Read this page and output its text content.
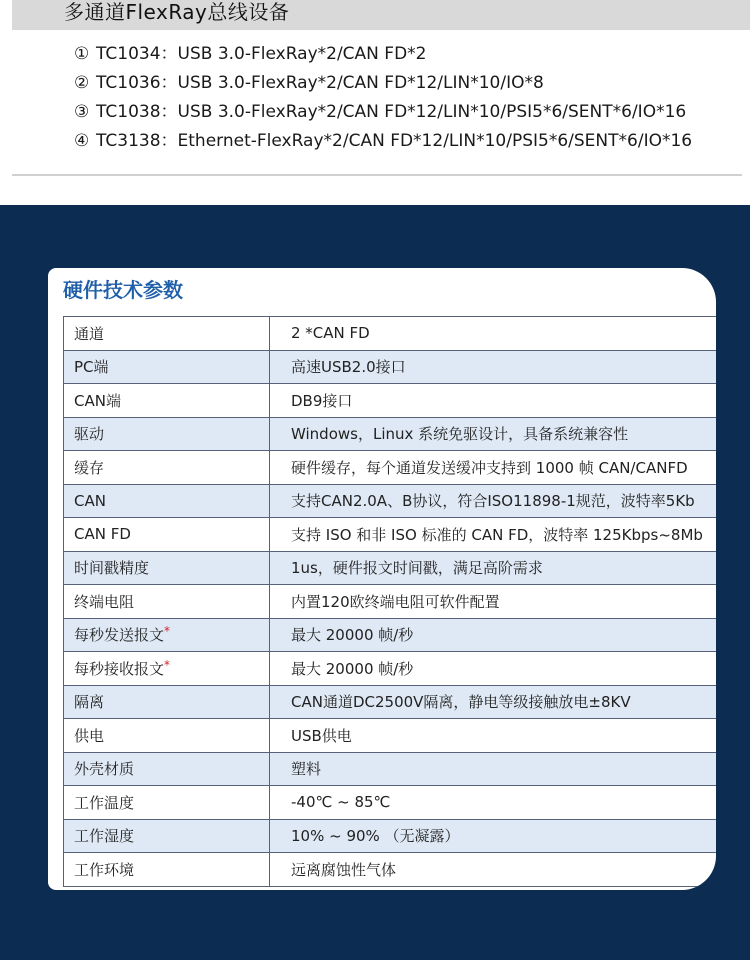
多通道FlexRay总线设备
① TC1034：USB 3.0-FlexRay*2/CAN FD*2
② TC1036：USB 3.0-FlexRay*2/CAN FD*12/LIN*10/IO*8
③ TC1038：USB 3.0-FlexRay*2/CAN FD*12/LIN*10/PSI5*6/SENT*6/IO*16
④ TC3138：Ethernet-FlexRay*2/CAN FD*12/LIN*10/PSI5*6/SENT*6/IO*16
硬件技术参数
通道	2 *CAN FD
PC端	高速USB2.0接口
CAN端	DB9接口
驱动	Windows，Linux 系统免驱设计，具备系统兼容性
缓存	硬件缓存，每个通道发送缓冲支持到 1000 帧 CAN/CANFD
CAN	支持CAN2.0A、B协议，符合ISO11898-1规范，波特率5Kb
CAN FD	支持 ISO 和非 ISO 标准的 CAN FD，波特率 125Kbps~8Mb
时间戳精度	1us，硬件报文时间戳，满足高阶需求
终端电阻	内置120欧终端电阻可软件配置
每秒发送报文*	最大 20000 帧/秒
每秒接收报文*	最大 20000 帧/秒
隔离	CAN通道DC2500V隔离，静电等级接触放电±8KV
供电	USB供电
外壳材质	塑料
工作温度	-40℃ ~ 85℃
工作湿度	10% ~ 90% （无凝露）
工作环境	远离腐蚀性气体
